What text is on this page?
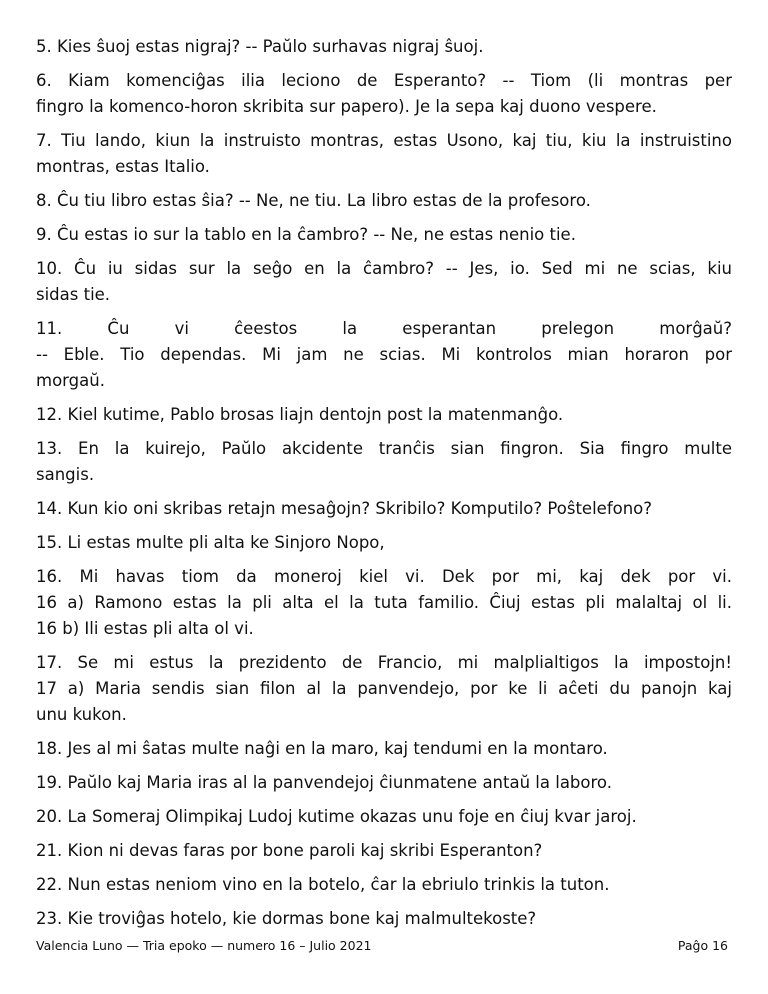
5. Kies ŝuoj estas nigraj? -- Paŭlo surhavas nigraj ŝuoj.
6. Kiam komenciĝas ilia leciono de Esperanto? -- Tiom (li montras per
fingro la komenco-horon skribita sur papero). Je la sepa kaj duono vespere.
7. Tiu lando, kiun la instruisto montras, estas Usono, kaj tiu, kiu la instruistino
montras, estas Italio.
8. Ĉu tiu libro estas ŝia? -- Ne, ne tiu. La libro estas de la profesoro.
9. Ĉu estas io sur la tablo en la ĉambro? -- Ne, ne estas nenio tie.
10. Ĉu iu sidas sur la seĝo en la ĉambro? -- Jes, io. Sed mi ne scias, kiu
sidas tie.
11. Ĉu vi ĉeestos la esperantan prelegon morĝaŭ?
-- Eble. Tio dependas. Mi jam ne scias. Mi kontrolos mian horaron por
morgaŭ.
12. Kiel kutime, Pablo brosas liajn dentojn post la matenmanĝo.
13. En la kuirejo, Paŭlo akcidente tranĉis sian fingron. Sia fingro multe
sangis.
14. Kun kio oni skribas retajn mesaĝojn? Skribilo? Komputilo? Poŝtelefono?
15. Li estas multe pli alta ke Sinjoro Nopo,
16. Mi havas tiom da moneroj kiel vi. Dek por mi, kaj dek por vi.
16 a) Ramono estas la pli alta el la tuta familio. Ĉiuj estas pli malaltaj ol li.
16 b) Ili estas pli alta ol vi.
17. Se mi estus la prezidento de Francio, mi malplialtigos la impostojn!
17 a) Maria sendis sian filon al la panvendejo, por ke li aĉeti du panojn kaj
unu kukon.
18. Jes al mi ŝatas multe naĝi en la maro, kaj tendumi en la montaro.
19. Paŭlo kaj Maria iras al la panvendejoj ĉiunmatene antaŭ la laboro.
20. La Someraj Olimpikaj Ludoj kutime okazas unu foje en ĉiuj kvar jaroj.
21. Kion ni devas faras por bone paroli kaj skribi Esperanton?
22. Nun estas neniom vino en la botelo, ĉar la ebriulo trinkis la tuton.
23. Kie troviĝas hotelo, kie dormas bone kaj malmultekoste?
Valencia Luno — Tria epoko — numero 16 – Julio 2021	Paĝo 16
